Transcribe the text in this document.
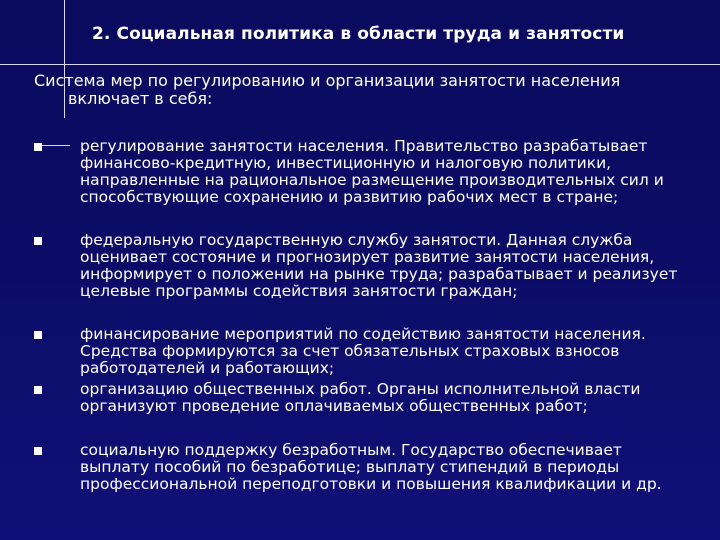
2. Социальная политика в области труда и занятости
Система мер по регулированию и организации занятости населения
включает в себя:
регулирование занятости населения. Правительство разрабатывает
финансово-кредитную, инвестиционную и налоговую политики,
направленные на рациональное размещение производительных сил и
способствующие сохранению и развитию рабочих мест в стране;
федеральную государственную службу занятости. Данная служба
оценивает состояние и прогнозирует развитие занятости населения,
информирует о положении на рынке труда; разрабатывает и реализует
целевые программы содействия занятости граждан;
финансирование мероприятий по содействию занятости населения.
Средства формируются за счет обязательных страховых взносов
работодателей и работающих;
организацию общественных работ. Органы исполнительной власти
организуют проведение оплачиваемых общественных работ;
социальную поддержку безработным. Государство обеспечивает
выплату пособий по безработице; выплату стипендий в периоды
профессиональной переподготовки и повышения квалификации и др.
